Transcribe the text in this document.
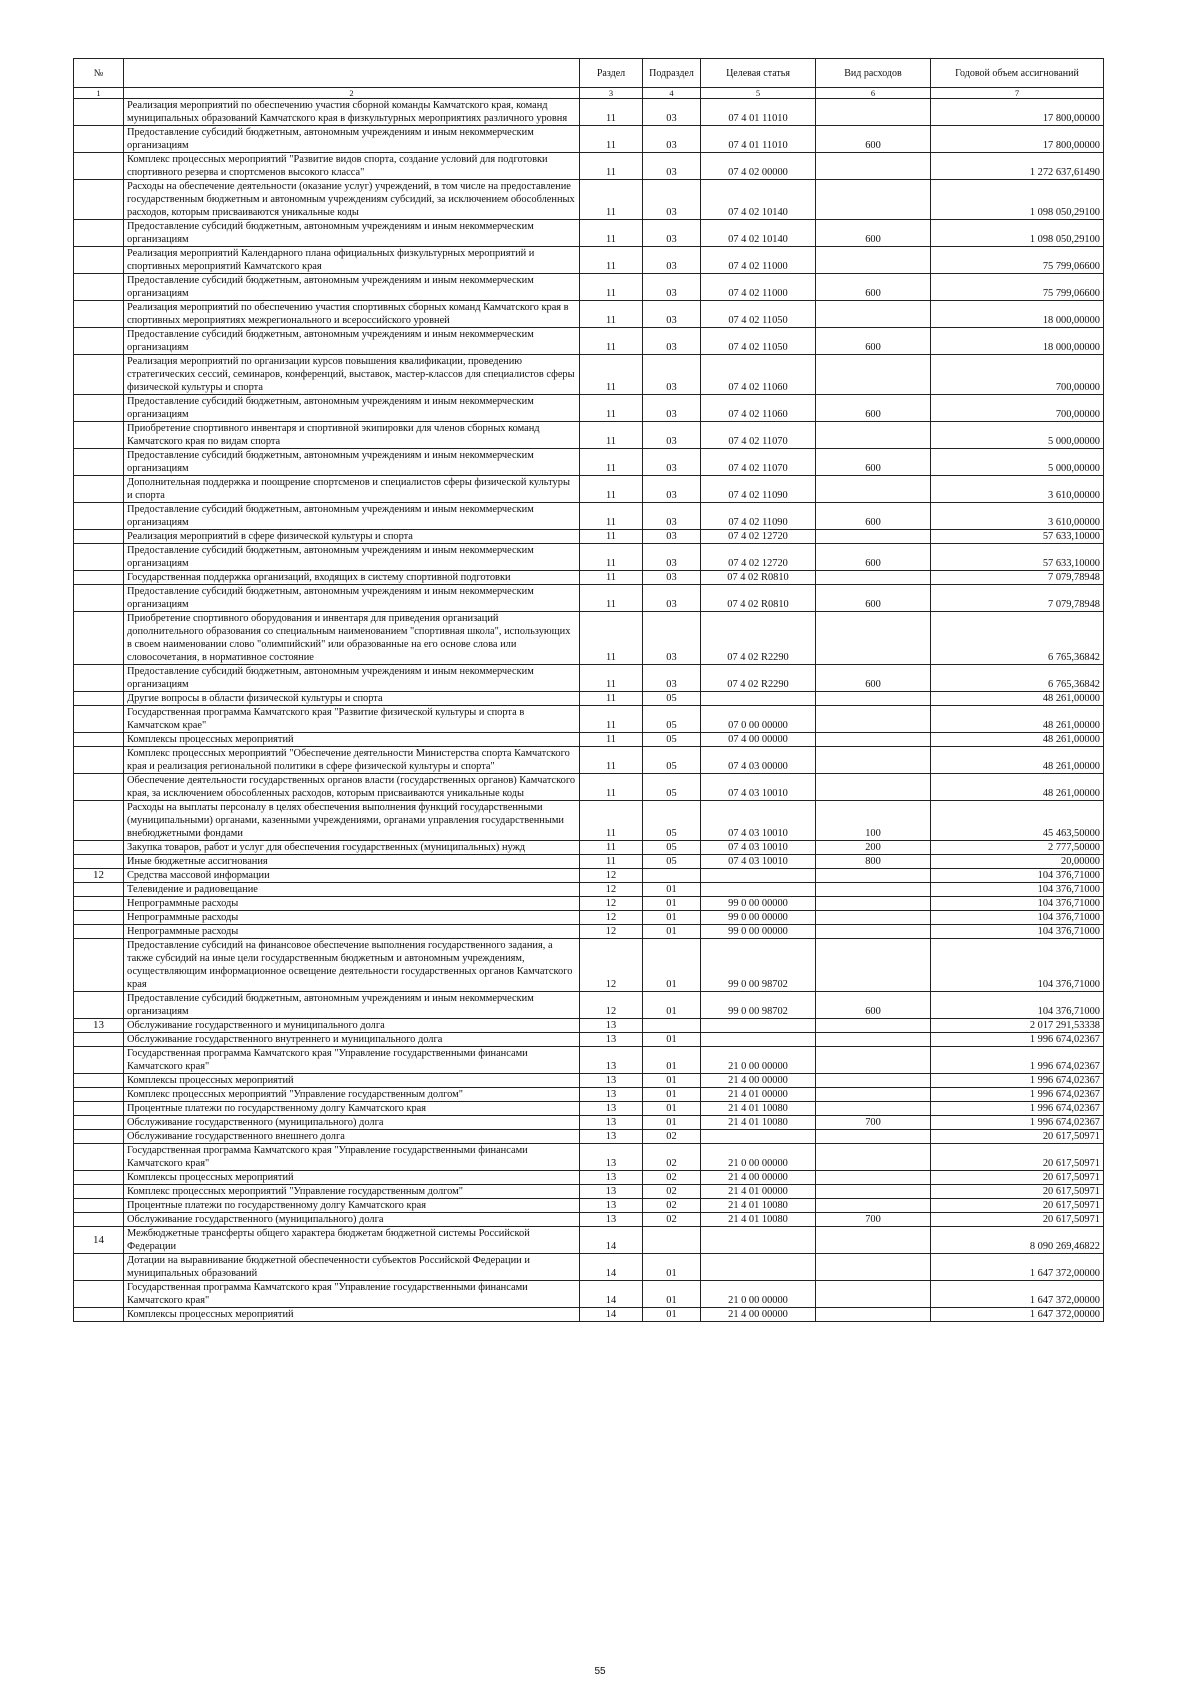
№		Раздел	Подраздел	Целевая статья	Вид расходов	Годовой объем ассигнований
1	2	3	4	5	6	7
	Реализация мероприятий по обеспечению участия сборной команды Камчатского края, команд муниципальных образований Камчатского края в физкультурных мероприятиях различного уровня	11	03	07 4 01 11010		17 800,00000
	Предоставление субсидий бюджетным, автономным учреждениям и иным некоммерческим организациям	11	03	07 4 01 11010	600	17 800,00000
	Комплекс процессных мероприятий "Развитие видов спорта, создание условий для подготовки спортивного резерва и спортсменов высокого класса"	11	03	07 4 02 00000		1 272 637,61490
	Расходы на обеспечение деятельности (оказание услуг) учреждений, в том числе на предоставление государственным бюджетным и автономным учреждениям субсидий, за исключением обособленных расходов, которым присваиваются уникальные коды	11	03	07 4 02 10140		1 098 050,29100
	Предоставление субсидий бюджетным, автономным учреждениям и иным некоммерческим организациям	11	03	07 4 02 10140	600	1 098 050,29100
	Реализация мероприятий Календарного плана официальных физкультурных мероприятий и спортивных мероприятий Камчатского края	11	03	07 4 02 11000		75 799,06600
	Предоставление субсидий бюджетным, автономным учреждениям и иным некоммерческим организациям	11	03	07 4 02 11000	600	75 799,06600
	Реализация мероприятий по обеспечению участия спортивных сборных команд Камчатского края в спортивных мероприятиях межрегионального и всероссийского уровней	11	03	07 4 02 11050		18 000,00000
	Предоставление субсидий бюджетным, автономным учреждениям и иным некоммерческим организациям	11	03	07 4 02 11050	600	18 000,00000
	Реализация мероприятий по организации курсов повышения квалификации, проведению стратегических сессий, семинаров, конференций, выставок, мастер-классов для специалистов сферы физической культуры и спорта	11	03	07 4 02 11060		700,00000
	Предоставление субсидий бюджетным, автономным учреждениям и иным некоммерческим организациям	11	03	07 4 02 11060	600	700,00000
	Приобретение спортивного инвентаря и спортивной экипировки для членов сборных команд Камчатского края по видам спорта	11	03	07 4 02 11070		5 000,00000
	Предоставление субсидий бюджетным, автономным учреждениям и иным некоммерческим организациям	11	03	07 4 02 11070	600	5 000,00000
	Дополнительная поддержка и поощрение спортсменов и специалистов сферы физической культуры и спорта	11	03	07 4 02 11090		3 610,00000
	Предоставление субсидий бюджетным, автономным учреждениям и иным некоммерческим организациям	11	03	07 4 02 11090	600	3 610,00000
	Реализация мероприятий в сфере физической культуры и спорта	11	03	07 4 02 12720		57 633,10000
	Предоставление субсидий бюджетным, автономным учреждениям и иным некоммерческим организациям	11	03	07 4 02 12720	600	57 633,10000
	Государственная поддержка организаций, входящих в систему спортивной подготовки	11	03	07 4 02 R0810		7 079,78948
	Предоставление субсидий бюджетным, автономным учреждениям и иным некоммерческим организациям	11	03	07 4 02 R0810	600	7 079,78948
	Приобретение спортивного оборудования и инвентаря для приведения организаций дополнительного образования со специальным наименованием "спортивная школа", использующих в своем наименовании слово "олимпийский" или образованные на его основе слова или словосочетания, в нормативное состояние	11	03	07 4 02 R2290		6 765,36842
	Предоставление субсидий бюджетным, автономным учреждениям и иным некоммерческим организациям	11	03	07 4 02 R2290	600	6 765,36842
	Другие вопросы в области физической культуры и спорта	11	05			48 261,00000
	Государственная программа Камчатского края "Развитие физической культуры и спорта в Камчатском крае"	11	05	07 0 00 00000		48 261,00000
	Комплексы процессных мероприятий	11	05	07 4 00 00000		48 261,00000
	Комплекс процессных мероприятий "Обеспечение деятельности Министерства спорта Камчатского края и реализация региональной политики в сфере физической культуры и спорта"	11	05	07 4 03 00000		48 261,00000
	Обеспечение деятельности государственных органов власти (государственных органов) Камчатского края, за исключением обособленных расходов, которым присваиваются уникальные коды	11	05	07 4 03 10010		48 261,00000
	Расходы на выплаты персоналу в целях обеспечения выполнения функций государственными (муниципальными) органами, казенными учреждениями, органами управления государственными внебюджетными фондами	11	05	07 4 03 10010	100	45 463,50000
	Закупка товаров, работ и услуг для обеспечения государственных (муниципальных) нужд	11	05	07 4 03 10010	200	2 777,50000
	Иные бюджетные ассигнования	11	05	07 4 03 10010	800	20,00000
12	Средства массовой информации	12				104 376,71000
	Телевидение и радиовещание	12	01			104 376,71000
	Непрограммные расходы	12	01	99 0 00 00000		104 376,71000
	Непрограммные расходы	12	01	99 0 00 00000		104 376,71000
	Непрограммные расходы	12	01	99 0 00 00000		104 376,71000
	Предоставление субсидий на финансовое обеспечение выполнения государственного задания, а также субсидий на иные цели государственным бюджетным и автономным учреждениям, осуществляющим информационное освещение деятельности государственных органов Камчатского края	12	01	99 0 00 98702		104 376,71000
	Предоставление субсидий бюджетным, автономным учреждениям и иным некоммерческим организациям	12	01	99 0 00 98702	600	104 376,71000
13	Обслуживание государственного и муниципального долга	13				2 017 291,53338
	Обслуживание государственного внутреннего и муниципального долга	13	01			1 996 674,02367
	Государственная программа Камчатского края "Управление государственными финансами Камчатского края"	13	01	21 0 00 00000		1 996 674,02367
	Комплексы процессных мероприятий	13	01	21 4 00 00000		1 996 674,02367
	Комплекс процессных мероприятий "Управление государственным долгом"	13	01	21 4 01 00000		1 996 674,02367
	Процентные платежи по государственному долгу Камчатского края	13	01	21 4 01 10080		1 996 674,02367
	Обслуживание государственного (муниципального) долга	13	01	21 4 01 10080	700	1 996 674,02367
	Обслуживание государственного внешнего долга	13	02			20 617,50971
	Государственная программа Камчатского края "Управление государственными финансами Камчатского края"	13	02	21 0 00 00000		20 617,50971
	Комплексы процессных мероприятий	13	02	21 4 00 00000		20 617,50971
	Комплекс процессных мероприятий "Управление государственным долгом"	13	02	21 4 01 00000		20 617,50971
	Процентные платежи по государственному долгу Камчатского края	13	02	21 4 01 10080		20 617,50971
	Обслуживание государственного (муниципального) долга	13	02	21 4 01 10080	700	20 617,50971
14	Межбюджетные трансферты общего характера бюджетам бюджетной системы Российской Федерации	14				8 090 269,46822
	Дотации на выравнивание бюджетной обеспеченности субъектов Российской Федерации и муниципальных образований	14	01			1 647 372,00000
	Государственная программа Камчатского края "Управление государственными финансами Камчатского края"	14	01	21 0 00 00000		1 647 372,00000
	Комплексы процессных мероприятий	14	01	21 4 00 00000		1 647 372,00000
55
